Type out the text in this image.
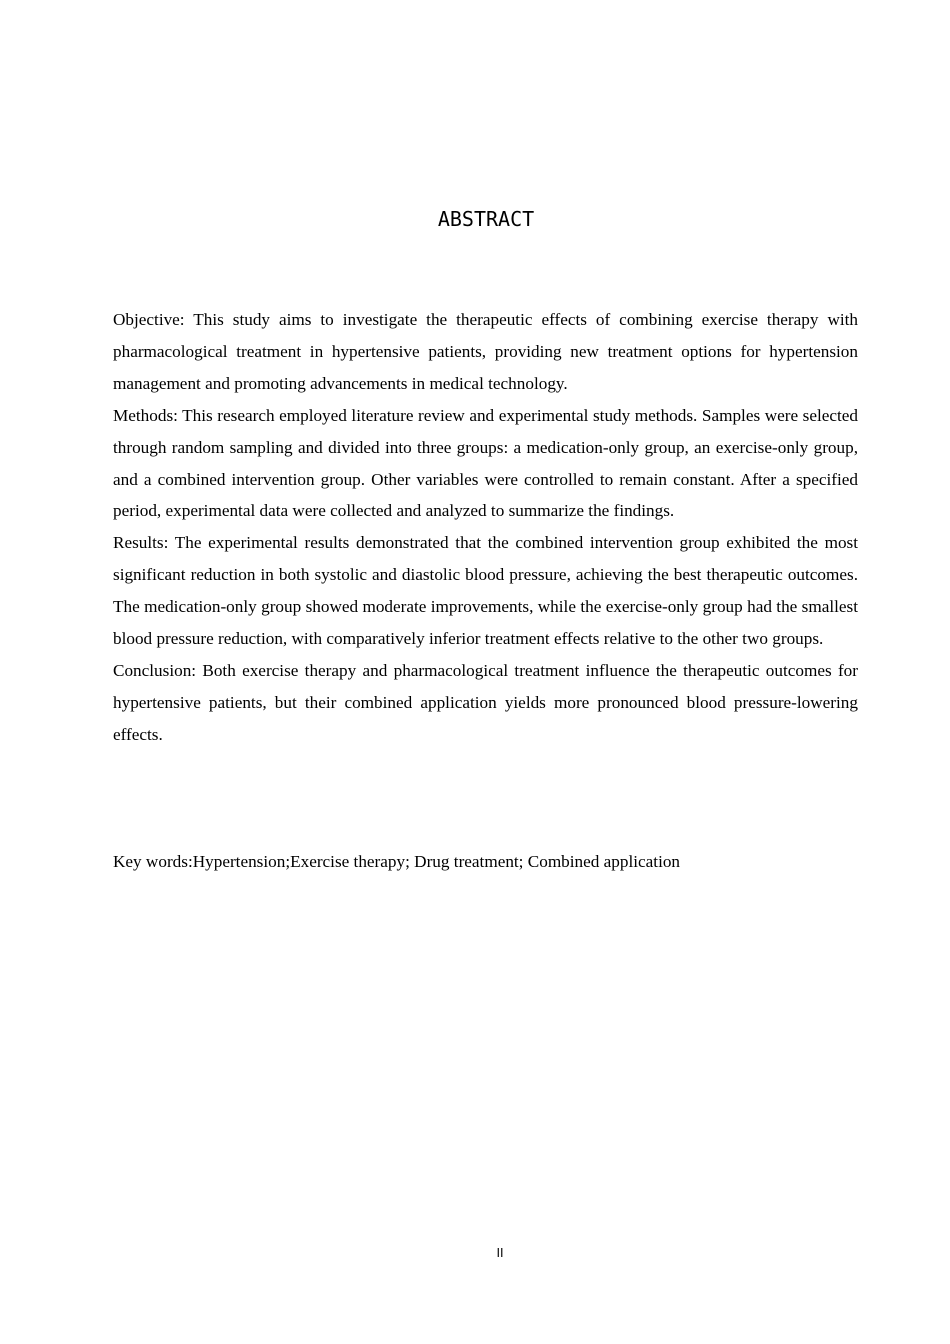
ABSTRACT

Objective: This study aims to investigate the therapeutic effects of combining exercise therapy with pharmacological treatment in hypertensive patients, providing new treatment options for hypertension management and promoting advancements in medical technology.

Methods: This research employed literature review and experimental study methods. Samples were selected through random sampling and divided into three groups: a medication-only group, an exercise-only group, and a combined intervention group. Other variables were controlled to remain constant. After a specified period, experimental data were collected and analyzed to summarize the findings.

Results: The experimental results demonstrated that the combined intervention group exhibited the most significant reduction in both systolic and diastolic blood pressure, achieving the best therapeutic outcomes. The medication-only group showed moderate improvements, while the exercise-only group had the smallest blood pressure reduction, with comparatively inferior treatment effects relative to the other two groups.

Conclusion: Both exercise therapy and pharmacological treatment influence the therapeutic outcomes for hypertensive patients, but their combined application yields more pronounced blood pressure-lowering effects.

Key words:Hypertension;Exercise therapy; Drug treatment; Combined application
II
